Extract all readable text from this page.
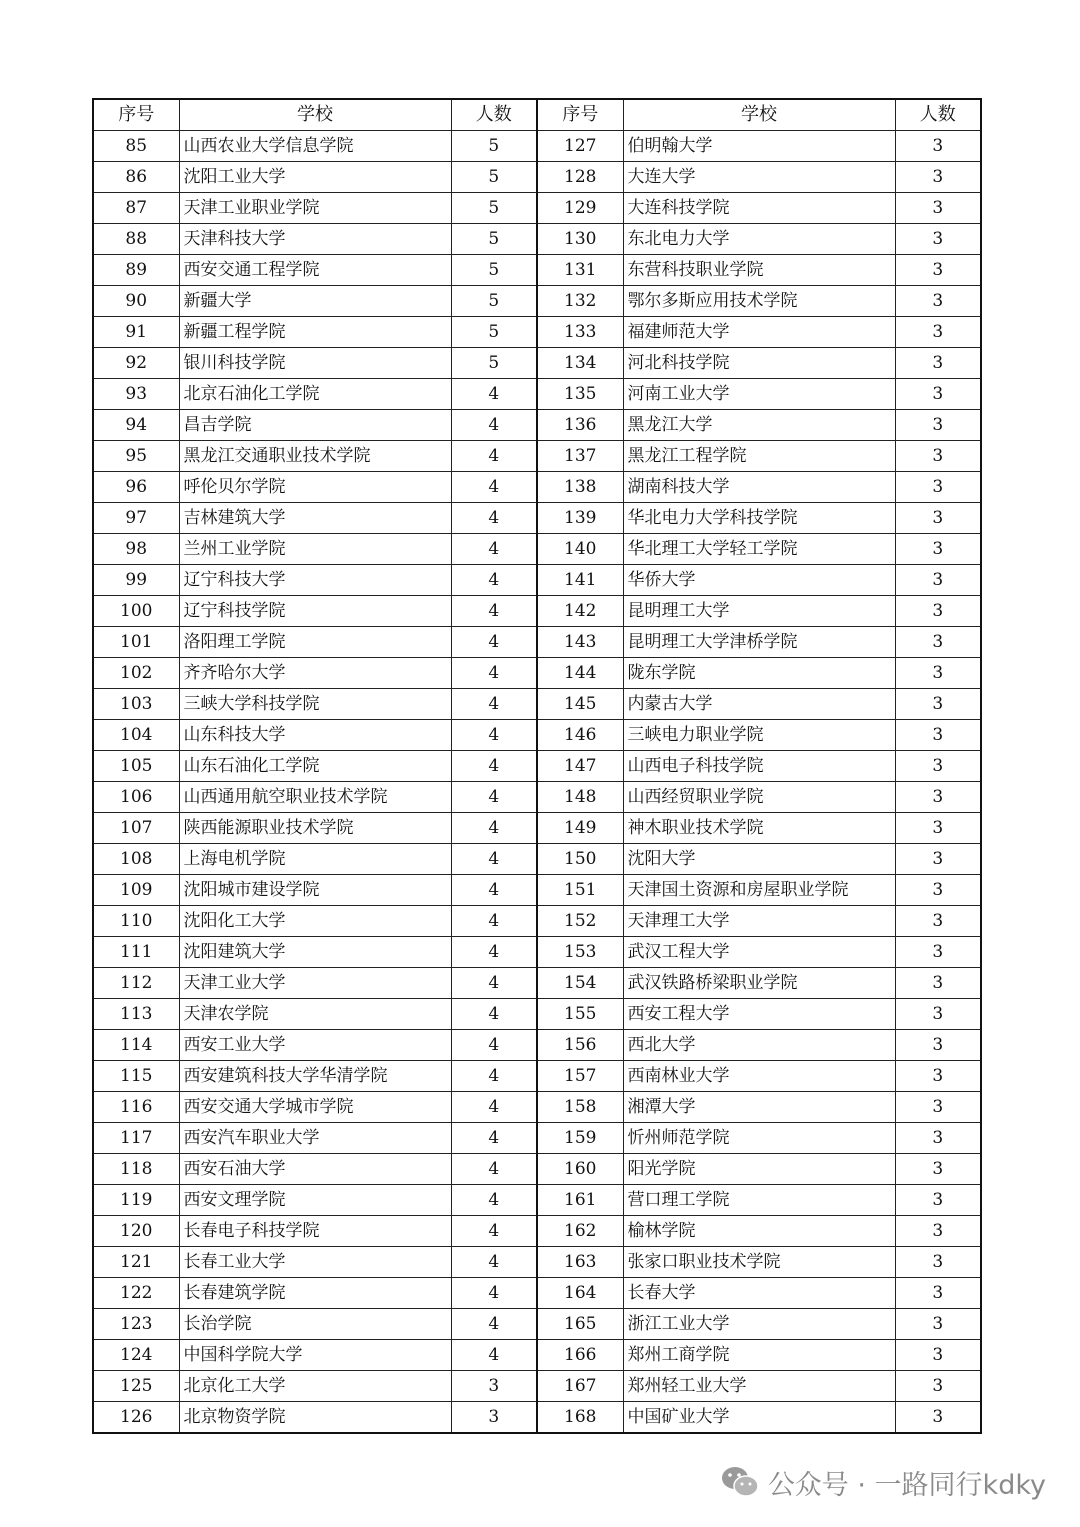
序号	学校	人数	序号	学校	人数
85	山西农业大学信息学院	5	127	伯明翰大学	3
86	沈阳工业大学	5	128	大连大学	3
87	天津工业职业学院	5	129	大连科技学院	3
88	天津科技大学	5	130	东北电力大学	3
89	西安交通工程学院	5	131	东营科技职业学院	3
90	新疆大学	5	132	鄂尔多斯应用技术学院	3
91	新疆工程学院	5	133	福建师范大学	3
92	银川科技学院	5	134	河北科技学院	3
93	北京石油化工学院	4	135	河南工业大学	3
94	昌吉学院	4	136	黑龙江大学	3
95	黑龙江交通职业技术学院	4	137	黑龙江工程学院	3
96	呼伦贝尔学院	4	138	湖南科技大学	3
97	吉林建筑大学	4	139	华北电力大学科技学院	3
98	兰州工业学院	4	140	华北理工大学轻工学院	3
99	辽宁科技大学	4	141	华侨大学	3
100	辽宁科技学院	4	142	昆明理工大学	3
101	洛阳理工学院	4	143	昆明理工大学津桥学院	3
102	齐齐哈尔大学	4	144	陇东学院	3
103	三峡大学科技学院	4	145	内蒙古大学	3
104	山东科技大学	4	146	三峡电力职业学院	3
105	山东石油化工学院	4	147	山西电子科技学院	3
106	山西通用航空职业技术学院	4	148	山西经贸职业学院	3
107	陕西能源职业技术学院	4	149	神木职业技术学院	3
108	上海电机学院	4	150	沈阳大学	3
109	沈阳城市建设学院	4	151	天津国土资源和房屋职业学院	3
110	沈阳化工大学	4	152	天津理工大学	3
111	沈阳建筑大学	4	153	武汉工程大学	3
112	天津工业大学	4	154	武汉铁路桥梁职业学院	3
113	天津农学院	4	155	西安工程大学	3
114	西安工业大学	4	156	西北大学	3
115	西安建筑科技大学华清学院	4	157	西南林业大学	3
116	西安交通大学城市学院	4	158	湘潭大学	3
117	西安汽车职业大学	4	159	忻州师范学院	3
118	西安石油大学	4	160	阳光学院	3
119	西安文理学院	4	161	营口理工学院	3
120	长春电子科技学院	4	162	榆林学院	3
121	长春工业大学	4	163	张家口职业技术学院	3
122	长春建筑学院	4	164	长春大学	3
123	长治学院	4	165	浙江工业大学	3
124	中国科学院大学	4	166	郑州工商学院	3
125	北京化工大学	3	167	郑州轻工业大学	3
126	北京物资学院	3	168	中国矿业大学	3
公众号 · 一路同行kdky
